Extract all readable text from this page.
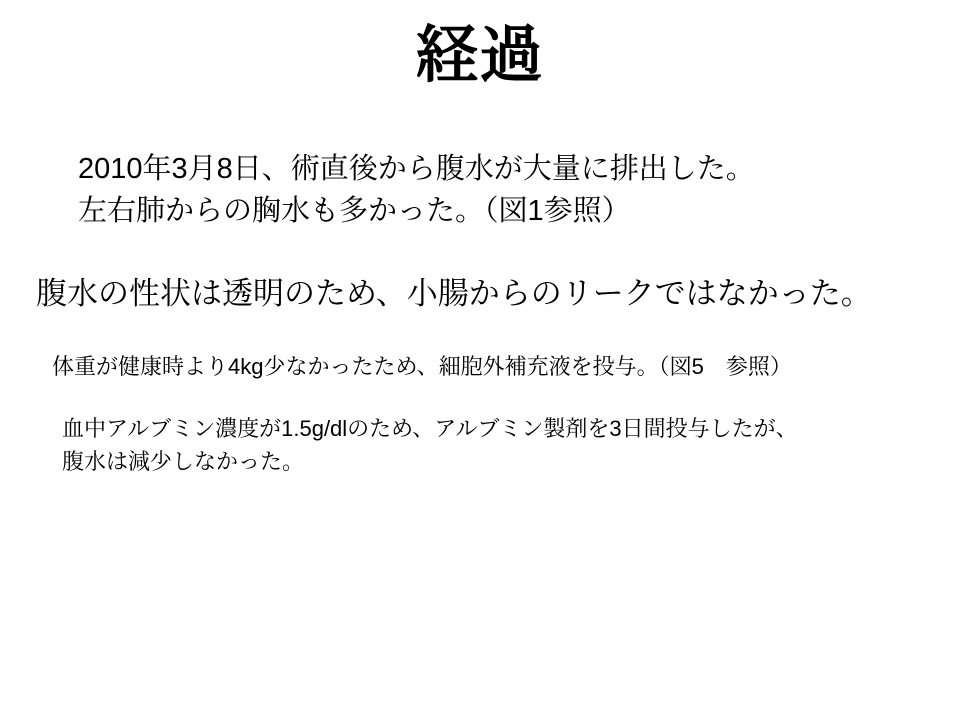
経過
2010年3月8日、術直後から腹水が大量に排出した。
左右肺からの胸水も多かった。（図1参照）
腹水の性状は透明のため、小腸からのリークではなかった。
体重が健康時より4kg少なかったため、細胞外補充液を投与。（図5　参照）
血中アルブミン濃度が1.5g/dlのため、アルブミン製剤を3日間投与したが、
腹水は減少しなかった。
